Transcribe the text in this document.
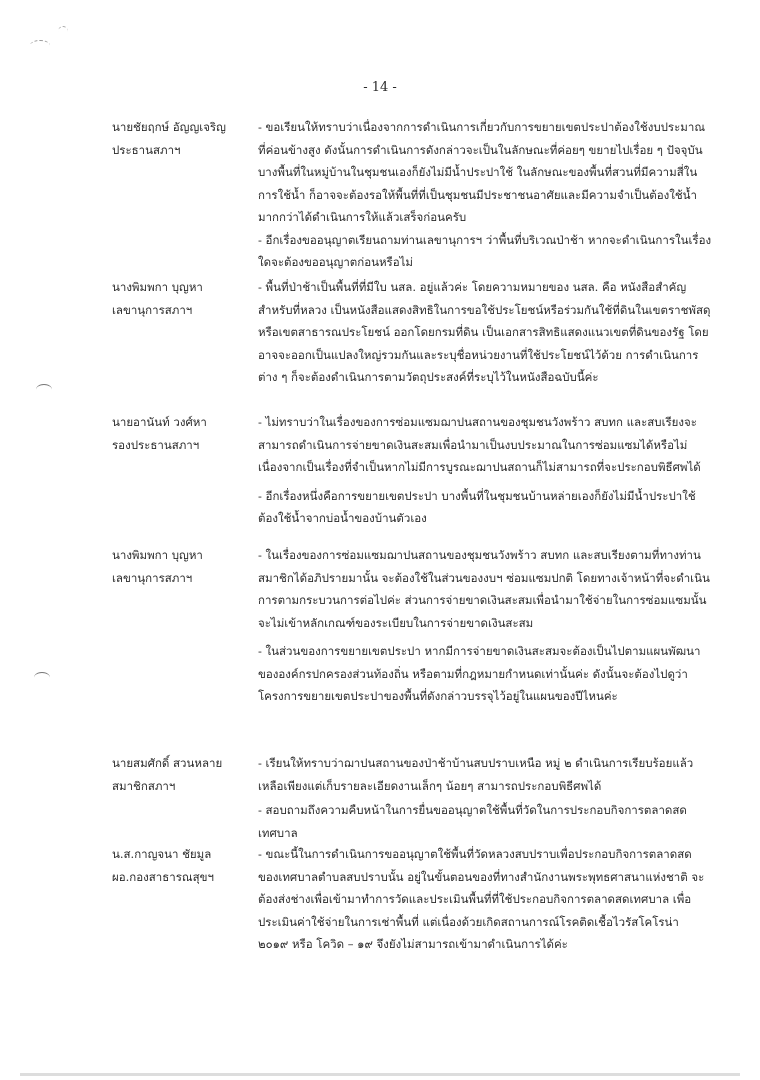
- 14 -
นายชัยฤกษ์ อัญญเจริญ
ประธานสภาฯ
- ขอเรียนให้ทราบว่าเนื่องจากการดำเนินการเกี่ยวกับการขยายเขตประปาต้องใช้งบประมาณที่ค่อนข้างสูง ดังนั้นการดำเนินการดังกล่าวจะเป็นในลักษณะที่ค่อยๆ ขยายไปเรื่อย ๆ ปัจจุบันบางพื้นที่ในหมู่บ้านในชุมชนเองก็ยังไม่มีน้ำประปาใช้ ในลักษณะของพื้นที่สวนที่มีความสี่ในการใช้น้ำ ก็อาจจะต้องรอให้พื้นที่ที่เป็นชุมชนมีประชาชนอาศัยและมีความจำเป็นต้องใช้น้ำมากกว่าได้ดำเนินการให้แล้วเสร็จก่อนครับ
- อีกเรื่องขออนุญาตเรียนถามท่านเลขานุการฯ ว่าพื้นที่บริเวณป่าช้า หากจะดำเนินการในเรื่องใดจะต้องขออนุญาตก่อนหรือไม่
นางพิมพกา บุญหา
เลขานุการสภาฯ
- พื้นที่ป่าช้าเป็นพื้นที่ที่มีใบ นสล. อยู่แล้วค่ะ โดยความหมายของ นสล. คือ หนังสือสำคัญสำหรับที่หลวง เป็นหนังสือแสดงสิทธิในการขอใช้ประโยชน์หรือร่วมกันใช้ที่ดินในเขตราชพัสดุหรือเขตสาธารณประโยชน์ ออกโดยกรมที่ดิน เป็นเอกสารสิทธิแสดงแนวเขตที่ดินของรัฐ โดยอาจจะออกเป็นแปลงใหญ่รวมกันและระบุชื่อหน่วยงานที่ใช้ประโยชน์ไว้ด้วย การดำเนินการต่าง ๆ ก็จะต้องดำเนินการตามวัตถุประสงค์ที่ระบุไว้ในหนังสือฉบับนี้ค่ะ
นายอานันท์ วงศ์หา
รองประธานสภาฯ
- ไม่ทราบว่าในเรื่องของการซ่อมแซมฌาปนสถานของชุมชนวังพร้าว สบทก และสบเรียงจะสามารถดำเนินการจ่ายขาดเงินสะสมเพื่อนำมาเป็นงบประมาณในการซ่อมแซมได้หรือไม่ เนื่องจากเป็นเรื่องที่จำเป็นหากไม่มีการบูรณะฌาปนสถานก็ไม่สามารถที่จะประกอบพิธีศพได้
- อีกเรื่องหนึ่งคือการขยายเขตประปา บางพื้นที่ในชุมชนบ้านหล่ายเองก็ยังไม่มีน้ำประปาใช้ ต้องใช้น้ำจากบ่อน้ำของบ้านตัวเอง
นางพิมพกา บุญหา
เลขานุการสภาฯ
- ในเรื่องของการซ่อมแซมฌาปนสถานของชุมชนวังพร้าว สบทก และสบเรียงตามที่ทางท่านสมาชิกได้อภิปรายมานั้น จะต้องใช้ในส่วนของงบฯ ซ่อมแซมปกติ โดยทางเจ้าหน้าที่จะดำเนินการตามกระบวนการต่อไปค่ะ ส่วนการจ่ายขาดเงินสะสมเพื่อนำมาใช้จ่ายในการซ่อมแซมนั้น จะไม่เข้าหลักเกณฑ์ของระเบียบในการจ่ายขาดเงินสะสม
- ในส่วนของการขยายเขตประปา หากมีการจ่ายขาดเงินสะสมจะต้องเป็นไปตามแผนพัฒนาขององค์กรปกครองส่วนท้องถิ่น หรือตามที่กฎหมายกำหนดเท่านั้นค่ะ ดังนั้นจะต้องไปดูว่าโครงการขยายเขตประปาของพื้นที่ดังกล่าวบรรจุไว้อยู่ในแผนของปีไหนค่ะ
นายสมศักดิ์ สวนหลาย
สมาชิกสภาฯ
- เรียนให้ทราบว่าฌาปนสถานของป่าช้าบ้านสบปราบเหนือ หมู่ ๒ ดำเนินการเรียบร้อยแล้วเหลือเพียงแต่เก็บรายละเอียดงานเล็กๆ น้อยๆ สามารถประกอบพิธีศพได้
- สอบถามถึงความคืบหน้าในการยื่นขออนุญาตใช้พื้นที่วัดในการประกอบกิจการตลาดสดเทศบาล
น.ส.กาญจนา ชัยมูล
ผอ.กองสาธารณสุขฯ
- ขณะนี้ในการดำเนินการขออนุญาตใช้พื้นที่วัดหลวงสบปราบเพื่อประกอบกิจการตลาดสดของเทศบาลตำบลสบปราบนั้น อยู่ในขั้นตอนของที่ทางสำนักงานพระพุทธศาสนาแห่งชาติ จะต้องส่งช่างเพื่อเข้ามาทำการวัดและประเมินพื้นที่ที่ใช้ประกอบกิจการตลาดสดเทศบาล เพื่อประเมินค่าใช้จ่ายในการเช่าพื้นที่ แต่เนื่องด้วยเกิดสถานการณ์โรคติดเชื้อไวรัสโคโรน่า ๒๐๑๙ หรือ โควิด – ๑๙ จึงยังไม่สามารถเข้ามาดำเนินการได้ค่ะ
